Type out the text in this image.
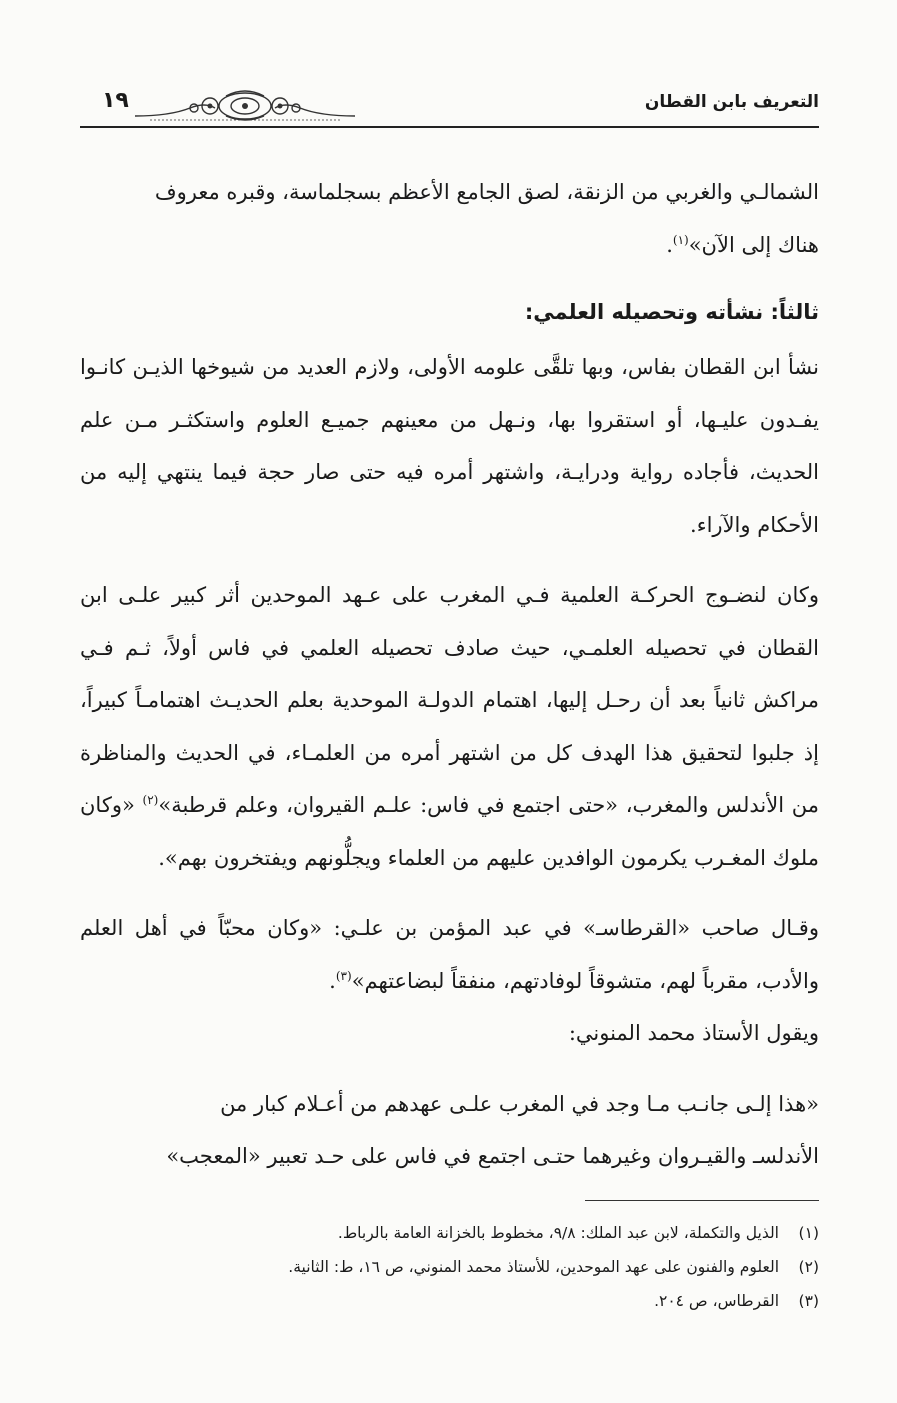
التعريف بابن القطان
١٩

الشمالـي والغربي من الزنقة، لصق الجامع الأعظم بسجلماسة، وقبره معروف
هناك إلى الآن»$^{(١)}$.

ثالثاً: نشأته وتحصيله العلمي:

نشأ ابن القطان بفاس، وبها تلقَّى علومه الأولى، ولازم العديد من شيوخها الذيـن كانـوا يفـدون عليـها، أو استقروا بها، ونـهل من معينهم جميـع العلوم واستكثـر مـن علم الحديث، فأجاده رواية ودرايـة، واشتهر أمره فيه حتى صار حجة فيما ينتهي إليه من الأحكام والآراء.

وكان لنضـوج الحركـة العلمية فـي المغرب على عـهد الموحدين أثر كبير علـى ابن القطان في تحصيله العلمـي، حيث صادف تحصيله العلمي في فاس أولاً، ثـم فـي مراكش ثانياً بعد أن رحـل إليها، اهتمام الدولـة الموحدية بعلم الحديـث اهتمامـاً كبيراً، إذ جلبوا لتحقيق هذا الهدف كل من اشتهر أمره من العلمـاء، في الحديث والمناظرة من الأندلس والمغرب، «حتى اجتمع في فاس: علـم القيروان، وعلم قرطبة»$^{(٢)}$ «وكان ملوك المغـرب يكرمون الوافدين عليهم من العلماء ويجلُّونهم ويفتخرون بهم».

وقـال صاحب «القرطاسـ» في عبد المؤمن بن علـي: «وكان محبّاً في أهل العلم والأدب، مقرباً لهم، متشوقاً لوفادتهم، منفقاً لبضاعتهم»$^{(٣)}$.

ويقول الأستاذ محمد المنوني:

«هذا إلـى جانـب مـا وجد في المغرب علـى عهدهم من أعـلام كبار من
الأندلسـ والقيـروان وغيرهما حتـى اجتمع في فاس على حـد تعبير «المعجب»

(١)الذيل والتكملة، لابن عبد الملك: ٩/٨، مخطوط بالخزانة العامة بالرباط.
(٢)العلوم والفنون على عهد الموحدين، للأستاذ محمد المنوني، ص ١٦، ط: الثانية.
(٣)القرطاس، ص ٢٠٤.
